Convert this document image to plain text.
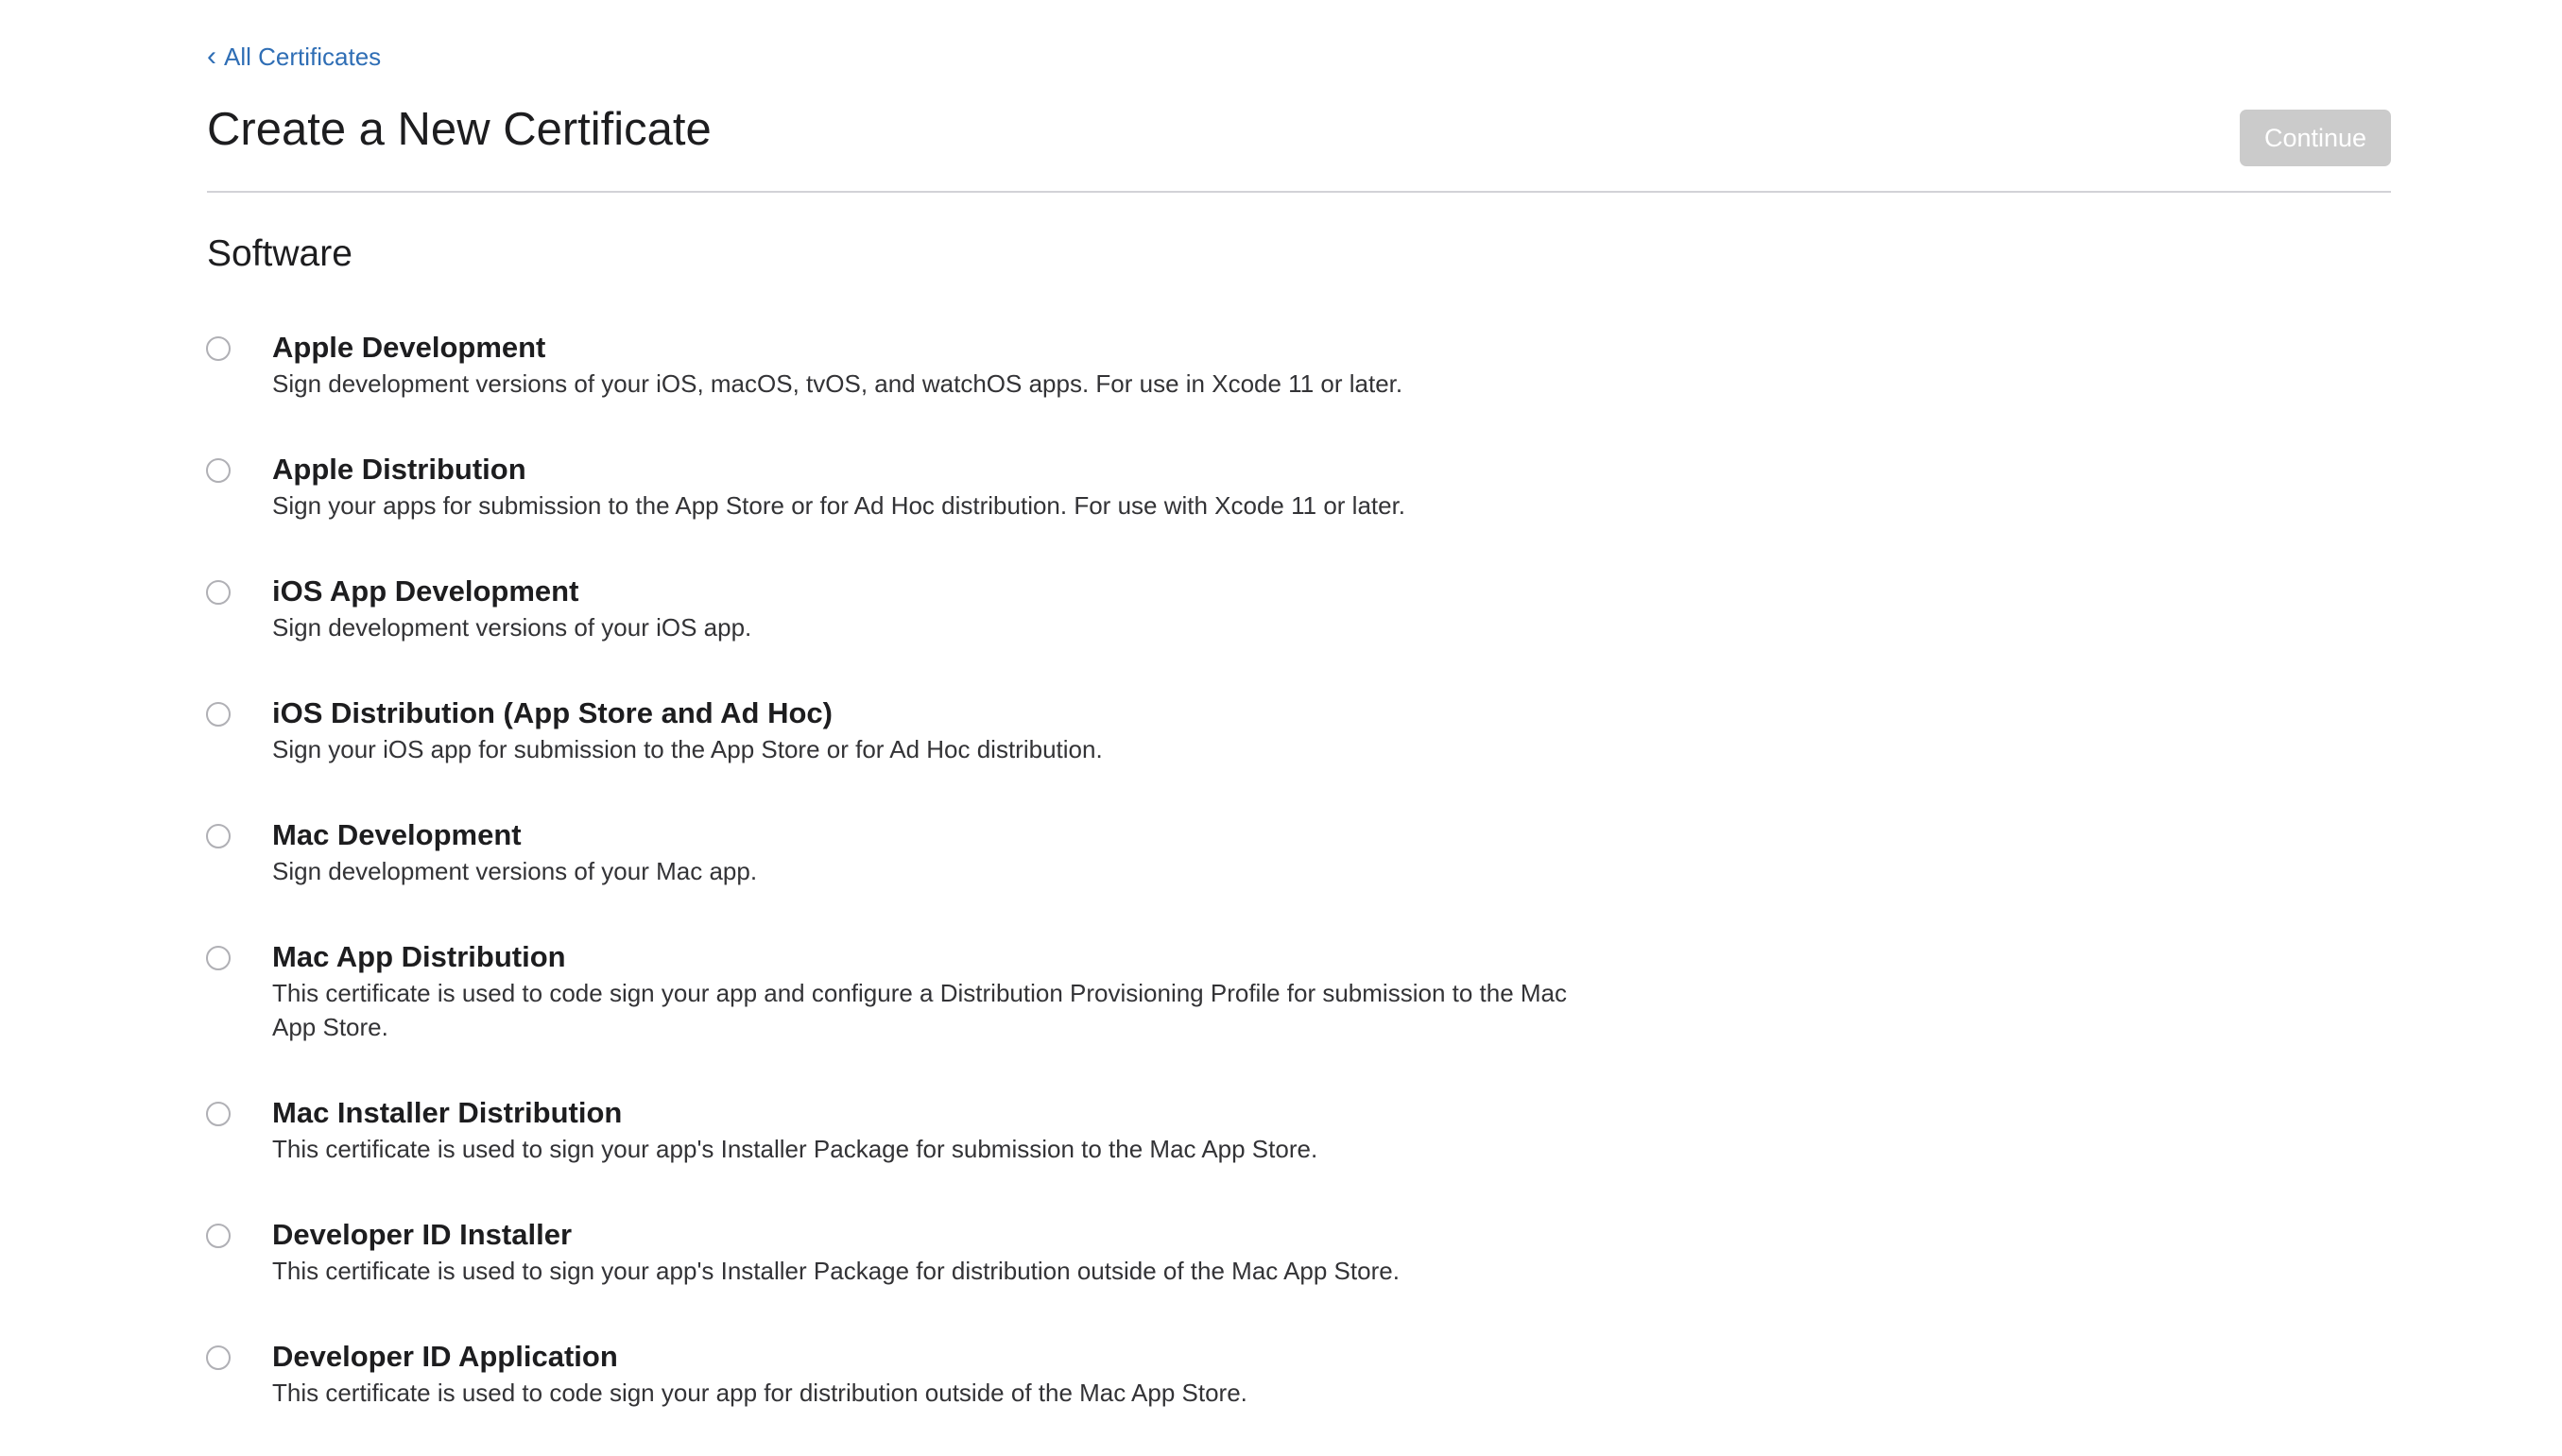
‹ All Certificates
Create a New Certificate	Continue
Software
Apple Development
Sign development versions of your iOS, macOS, tvOS, and watchOS apps. For use in Xcode 11 or later.
Apple Distribution
Sign your apps for submission to the App Store or for Ad Hoc distribution. For use with Xcode 11 or later.
iOS App Development
Sign development versions of your iOS app.
iOS Distribution (App Store and Ad Hoc)
Sign your iOS app for submission to the App Store or for Ad Hoc distribution.
Mac Development
Sign development versions of your Mac app.
Mac App Distribution
This certificate is used to code sign your app and configure a Distribution Provisioning Profile for submission to the Mac App Store.
Mac Installer Distribution
This certificate is used to sign your app's Installer Package for submission to the Mac App Store.
Developer ID Installer
This certificate is used to sign your app's Installer Package for distribution outside of the Mac App Store.
Developer ID Application
This certificate is used to code sign your app for distribution outside of the Mac App Store.
